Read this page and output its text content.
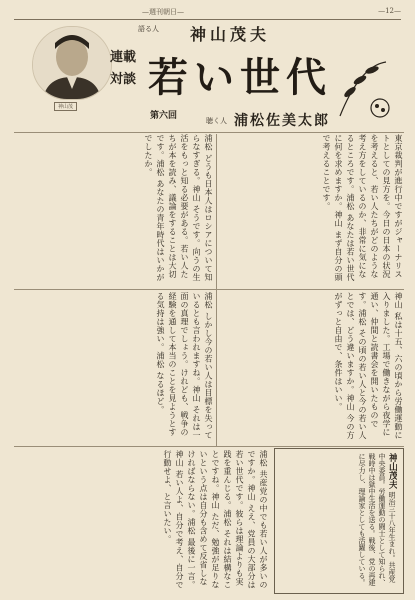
—週刊朝日—	—12—
神山茂
語る人 神山茂夫
連載
対談 若い世代
第六回	聴く人 浦松佐美太郎
東京裁判が進行中ですがジャーナリストとしての見方を。今日の日本の状況を考えると、若い人たちがどのような考え方をしているのか、非常に気になるところです。浦松 あなたは若い世代に何を求めますか。神山 まず自分の頭で考えることです。
浦松 どうも日本人はロシアについて知らなすぎる。神山 そうです。向うの生活をもっと知る必要がある。若い人たちが本を読み、議論をすることは大切です。浦松 あなたの青年時代はいかがでしたか。
神山 私は十五、六の頃から労働運動に入りました。工場で働きながら夜学に通い、仲間と読書会を開いたものです。浦松 その頃の若い人と今の若い人とでは、どう違いますか。神山 今の方がずっと自由で、条件はいい。
浦松 しかし今の若い人は目標を失っているとも言われますね。神山 それは一面の真理でしょう。けれども、戦争の経験を通して本当のことを見ようとする気持は強い。浦松 なるほど。
浦松 共産党の中でも若い人が多いのですか。神山 ええ、党員の大部分は若い世代です。彼らは理論よりも実践を重んじる。浦松 それは結構なことですね。神山 ただ、勉強が足りないという点は自分も含めて反省しなければならない。浦松 最後に一言。神山 若い人よ、自分で考え、自分で行動せよ、と言いたい。	神山茂夫 明治三十八年生まれ。共産党中央委員。労働運動の闘士として知られ、戦時中は獄中生活を送る。戦後、党の再建に尽力し、理論家としても活躍している。
